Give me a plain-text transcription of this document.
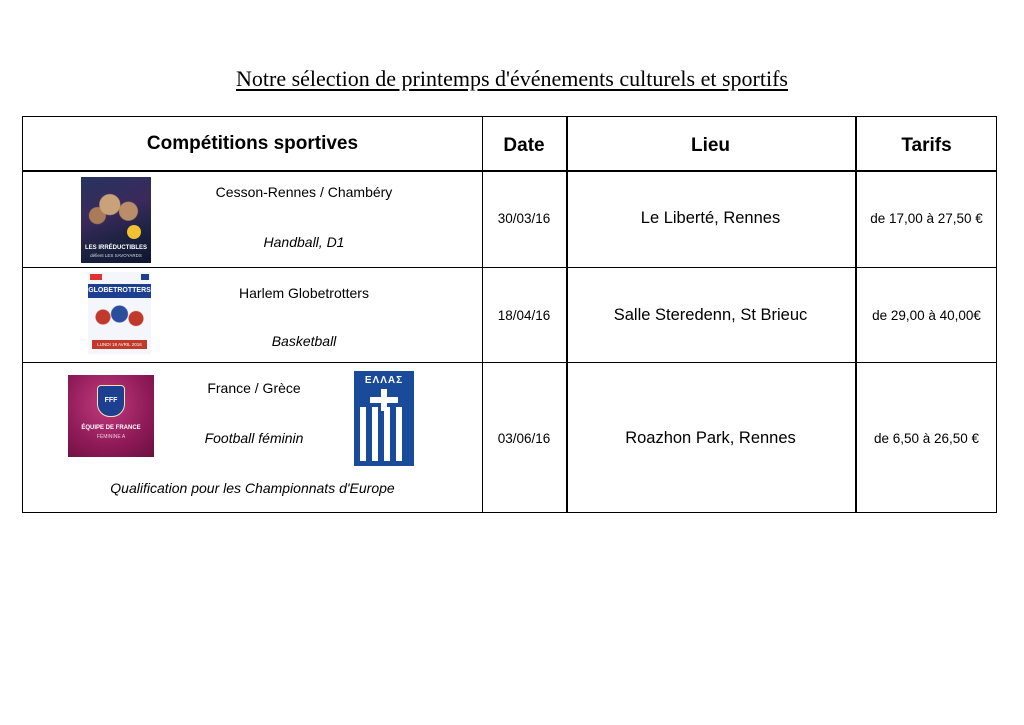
Notre sélection de printemps d'événements culturels et sportifs
Compétitions sportives	Date	Lieu	Tarifs
LES IRRÉDUCTIBLES
défient LES SAVOYARDS
Cesson-Rennes / Chambéry
Handball, D1
30/03/16	Le Liberté, Rennes	de 17,00 à 27,50 €
GLOBETROTTERS
LUNDI 18 AVRIL 2016
Harlem Globetrotters
Basketball
18/04/16	Salle Steredenn, St Brieuc	de 29,00 à 40,00€
FFF
ÉQUIPE DE FRANCE
FÉMININE A
France / Grèce
Football féminin
ΕΛΛΑΣ
Qualification pour les Championnats d'Europe
03/06/16	Roazhon Park, Rennes	de 6,50 à 26,50 €
